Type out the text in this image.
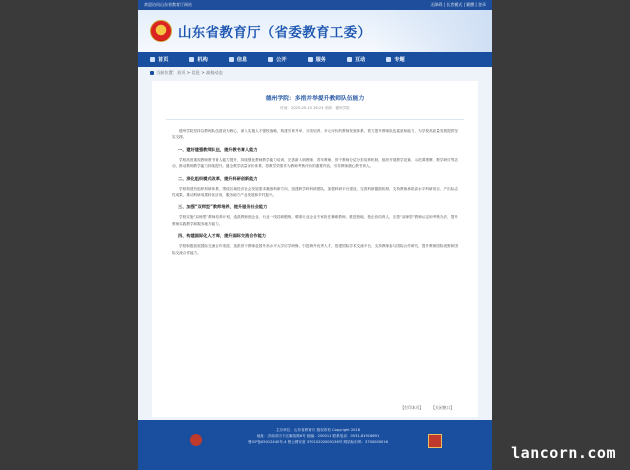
欢迎访问山东省教育厅网站	无障碍 | 长者模式 | 繁體 | 登录
山东省教育厅（省委教育工委）
首页	机构	信息	公开	服务	互动	专题
当前位置：首页 > 信息 > 高校动态
德州学院：多措并举提升教师队伍能力
时间：2025-05-15 16:23 来源：德州学院

德州学院坚持以教师队伍建设为核心，深入实施人才强校战略，构建引育并举、分类培养、多元评价的教师发展体系，着力提升教师队伍素质和能力，为学校高质量发展提供坚实支撑。

一、建好建强教师队伍，提升教书育人能力

学校高度重视教师教书育人能力提升，持续强化教师教学能力培训，完善新入职教师、青年教师、骨干教师分层分类培养机制，组织开展教学竞赛、示范课观摩、教学研讨等活动，推动教师教学能力持续提升。健全教学质量评价体系，将教学效果作为教师考核评价的重要内容，引导教师潜心教书育人。

二、深化组织模式改革，提升科研创新能力

学校构建有组织科研体系，围绕区域经济社会发展需求凝练科研方向，组建跨学科科研团队，加强科研平台建设，完善科研激励机制，支持教师承担高水平科研项目、产出标志性成果，推动科研成果转化应用，服务地方产业发展和乡村振兴。

三、加强“双师型”教师培养，提升服务社会能力

学校实施“双师型”教师培养计划，选派教师到企业、行业一线挂职锻炼，聘请行业企业专家担任兼职教师，推进校地、校企协同育人，完善“双师型”教师认定和考核办法，提升教师实践教学和服务地方能力。

四、构建国际化人才库，提升国际交流合作能力

学校积极拓展国际交流合作渠道，选派骨干教师赴国外高水平大学访学研修，引进海外优秀人才，搭建国际学术交流平台，支持教师参与国际合作研究，提升教师国际视野和国际交流合作能力。

【打印本页】 【关闭窗口】
主办单位：山东省教育厅 版权所有 Copyright 2018
地址：济南市历下区解放路6号 邮编：250011 联系电话：0531-81916691
鲁ICP备05012440号-4 鲁公网安备 37010202000136号 网站标识码：3700000016
lancorn.com
